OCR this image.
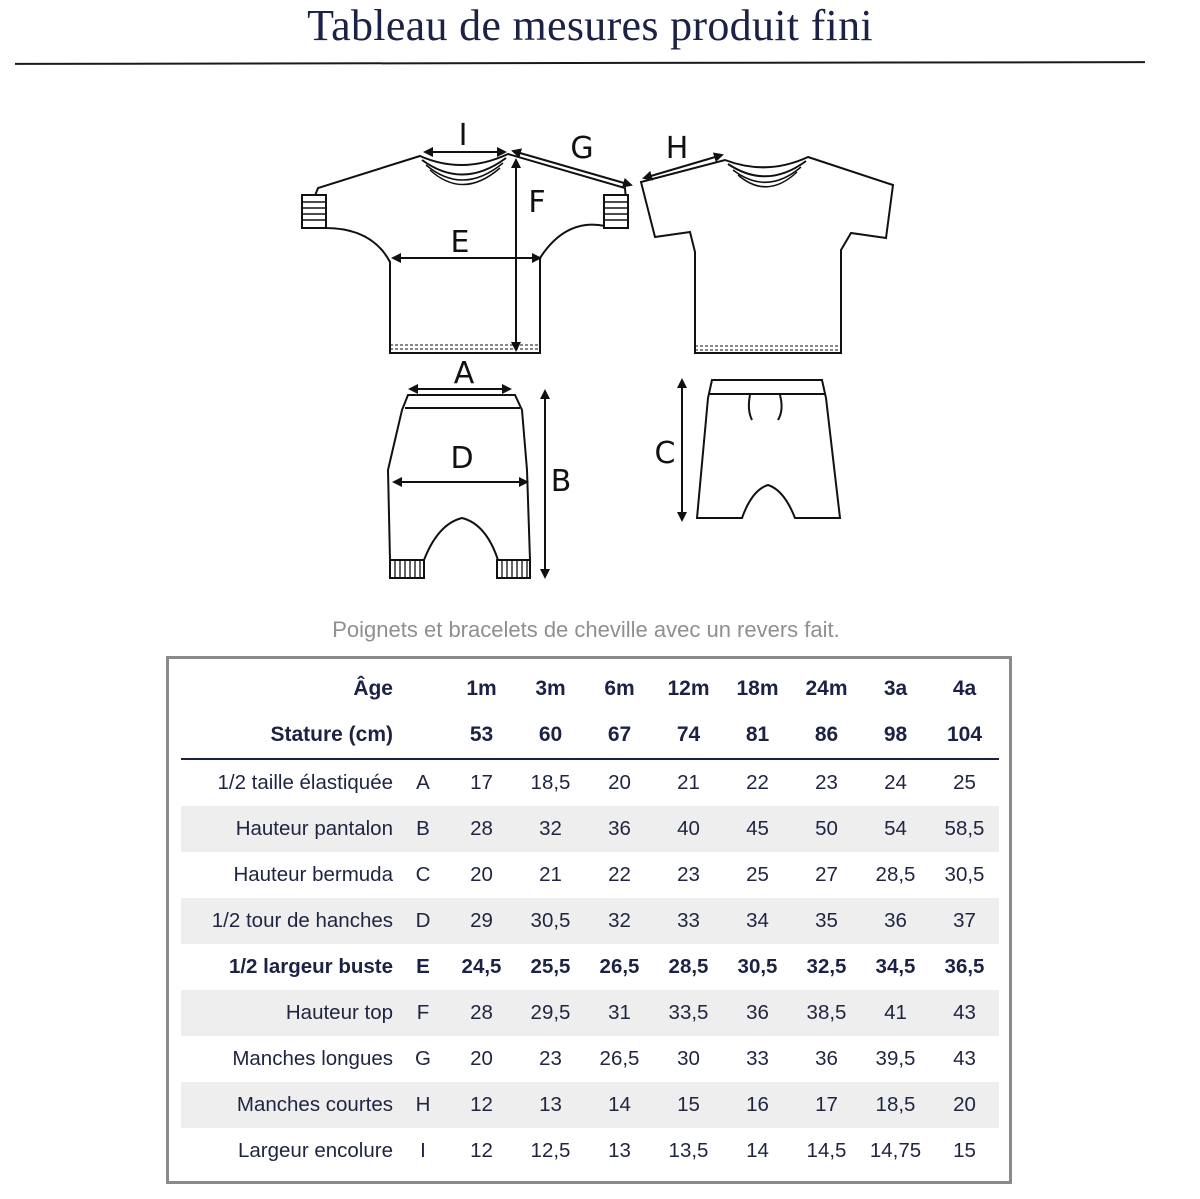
Tableau de mesures produit fini
I	G H
F
E
A
D
B
C
Poignets et bracelets de cheville avec un revers fait.
Âge		1m	3m	6m	12m	18m	24m	3a	4a
Stature (cm)		53	60	67	74	81	86	98	104
1/2 taille élastiquée	A	17	18,5	20	21	22	23	24	25
Hauteur pantalon	B	28	32	36	40	45	50	54	58,5
Hauteur bermuda	C	20	21	22	23	25	27	28,5	30,5
1/2 tour de hanches	D	29	30,5	32	33	34	35	36	37
1/2 largeur buste	E	24,5	25,5	26,5	28,5	30,5	32,5	34,5	36,5
Hauteur top	F	28	29,5	31	33,5	36	38,5	41	43
Manches longues	G	20	23	26,5	30	33	36	39,5	43
Manches courtes	H	12	13	14	15	16	17	18,5	20
Largeur encolure	I	12	12,5	13	13,5	14	14,5	14,75	15
